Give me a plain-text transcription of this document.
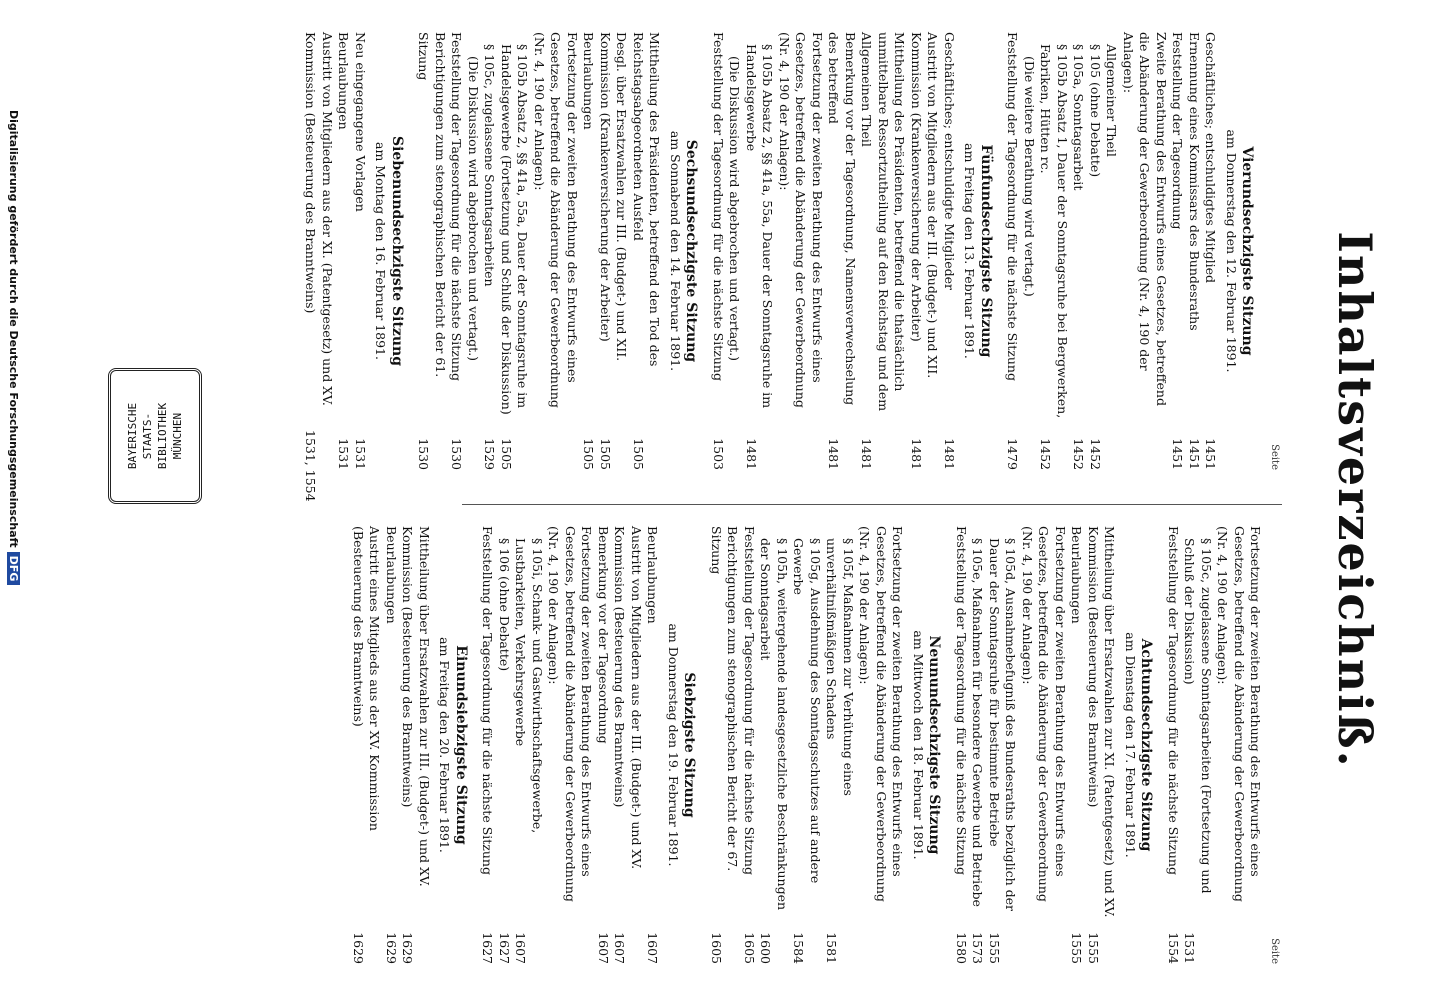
BAYERISCHE STAATS- BIBLIOTHEK MÜNCHEN	Inhaltsverzeichniß.
Seite
Vierundsechzigste Sitzung
am Donnerstag den 12. Februar 1891.
Geschäftliches; entschuldigtes Mitglied
1451
Ernennung eines Kommissars des Bundesraths
1451
Feststellung der Tagesordnung
1451
Zweite Berathung des Entwurfs eines Gesetzes, betreffend die Abänderung der Gewerbeordnung (Nr. 4, 190 der Anlagen):
Allgemeiner Theil
§ 105 (ohne Debatte)
1452
§ 105a, Sonntagsarbeit
1452
§ 105b Absatz 1, Dauer der Sonntagsruhe bei Bergwerken, Fabriken, Hütten rc.
1452
(Die weitere Berathung wird vertagt.)
Feststellung der Tagesordnung für die nächste Sitzung
1479
Fünfundsechzigste Sitzung
am Freitag den 13. Februar 1891.
Geschäftliches; entschuldigte Mitglieder
1481
Austritt von Mitgliedern aus der III. (Budget-) und XII. Kommission (Krankenversicherung der Arbeiter)
1481
Mittheilung des Präsidenten, betreffend die thatsächlich unmittelbare Ressortzutheilung auf den Reichstag und dem Allgemeinen Theil
1481
Bemerkung vor der Tagesordnung, Namensverwechselung des betreffend
1481
Fortsetzung der zweiten Berathung des Entwurfs eines Gesetzes, betreffend die Abänderung der Gewerbeordnung (Nr. 4, 190 der Anlagen):
§ 105b Absatz 2, §§ 41a, 55a, Dauer der Sonntagsruhe im Handelsgewerbe
1481
(Die Diskussion wird abgebrochen und vertagt.)
Feststellung der Tagesordnung für die nächste Sitzung
1503
Sechsundsechzigste Sitzung
am Sonnabend den 14. Februar 1891.
Mittheilung des Präsidenten, betreffend den Tod des Reichstagsabgeordneten Ausfeld
1505
Desgl. über Ersatzwahlen zur III. (Budget-) und XII. Kommission (Krankenversicherung der Arbeiter)
1505
Beurlaubungen
1505
Fortsetzung der zweiten Berathung des Entwurfs eines Gesetzes, betreffend die Abänderung der Gewerbeordnung (Nr. 4, 190 der Anlagen):
§ 105b Absatz 2, §§ 41a, 55a, Dauer der Sonntagsruhe im Handelsgewerbe (Fortsetzung und Schluß der Diskussion)
1505
§ 105c, zugelassene Sonntagsarbeiten
1529
(Die Diskussion wird abgebrochen und vertagt.)
Feststellung der Tagesordnung für die nächste Sitzung
1530
Berichtigungen zum stenographischen Bericht der 61. Sitzung
1530
Siebenundsechzigste Sitzung
am Montag den 16. Februar 1891.
Neu eingegangene Vorlagen
1531
Beurlaubungen
1531
Austritt von Mitgliedern aus der XI. (Patentgesetz) und XV. Kommission (Besteuerung des Branntweins)
1531, 1554
Seite
Fortsetzung der zweiten Berathung des Entwurfs eines Gesetzes, betreffend die Abänderung der Gewerbeordnung (Nr. 4, 190 der Anlagen):
§ 105c, zugelassene Sonntagsarbeiten (Fortsetzung und Schluß der Diskussion)
1531
Feststellung der Tagesordnung für die nächste Sitzung
1554
Achtundsechzigste Sitzung
am Dienstag den 17. Februar 1891.
Mittheilung über Ersatzwahlen zur XI. (Patentgesetz) und XV. Kommission (Besteuerung des Branntweins)
1555
Beurlaubungen
1555
Fortsetzung der zweiten Berathung des Entwurfs eines Gesetzes, betreffend die Abänderung der Gewerbeordnung (Nr. 4, 190 der Anlagen):
§ 105d, Ausnahmebefugniß des Bundesraths bezüglich der Dauer der Sonntagsruhe für bestimmte Betriebe
1555
§ 105e, Maßnahmen für besondere Gewerbe und Betriebe
1573
Feststellung der Tagesordnung für die nächste Sitzung
1580
Neunundsechzigste Sitzung
am Mittwoch den 18. Februar 1891.
Fortsetzung der zweiten Berathung des Entwurfs eines Gesetzes, betreffend die Abänderung der Gewerbeordnung (Nr. 4, 190 der Anlagen):
§ 105f, Maßnahmen zur Verhütung eines unverhältnißmäßigen Schadens
1581
§ 105g, Ausdehnung des Sonntagsschutzes auf andere Gewerbe
1584
§ 105h, weitergehende landesgesetzliche Beschränkungen der Sonntagsarbeit
1600
Feststellung der Tagesordnung für die nächste Sitzung
1605
Berichtigungen zum stenographischen Bericht der 67. Sitzung
1605
Siebzigste Sitzung
am Donnerstag den 19. Februar 1891.
Beurlaubungen
1607
Austritt von Mitgliedern aus der III. (Budget-) und XV. Kommission (Besteuerung des Branntweins)
1607
Bemerkung vor der Tagesordnung
1607
Fortsetzung der zweiten Berathung des Entwurfs eines Gesetzes, betreffend die Abänderung der Gewerbeordnung (Nr. 4, 190 der Anlagen):
§ 105i, Schank- und Gastwirthschaftsgewerbe, Lustbarkeiten, Verkehrsgewerbe
1607
§ 106 (ohne Debatte)
1627
Feststellung der Tagesordnung für die nächste Sitzung
1627
Einundsiebzigste Sitzung
am Freitag den 20. Februar 1891.
Mittheilung über Ersatzwahlen zur III. (Budget-) und XV. Kommission (Besteuerung des Branntweins)
1629
Beurlaubungen
1629
Austritt eines Mitglieds aus der XV. Kommission (Besteuerung des Branntweins)
1629
Digitalisierung gefördert durch die Deutsche ForschungsgemeinschaftDFG
